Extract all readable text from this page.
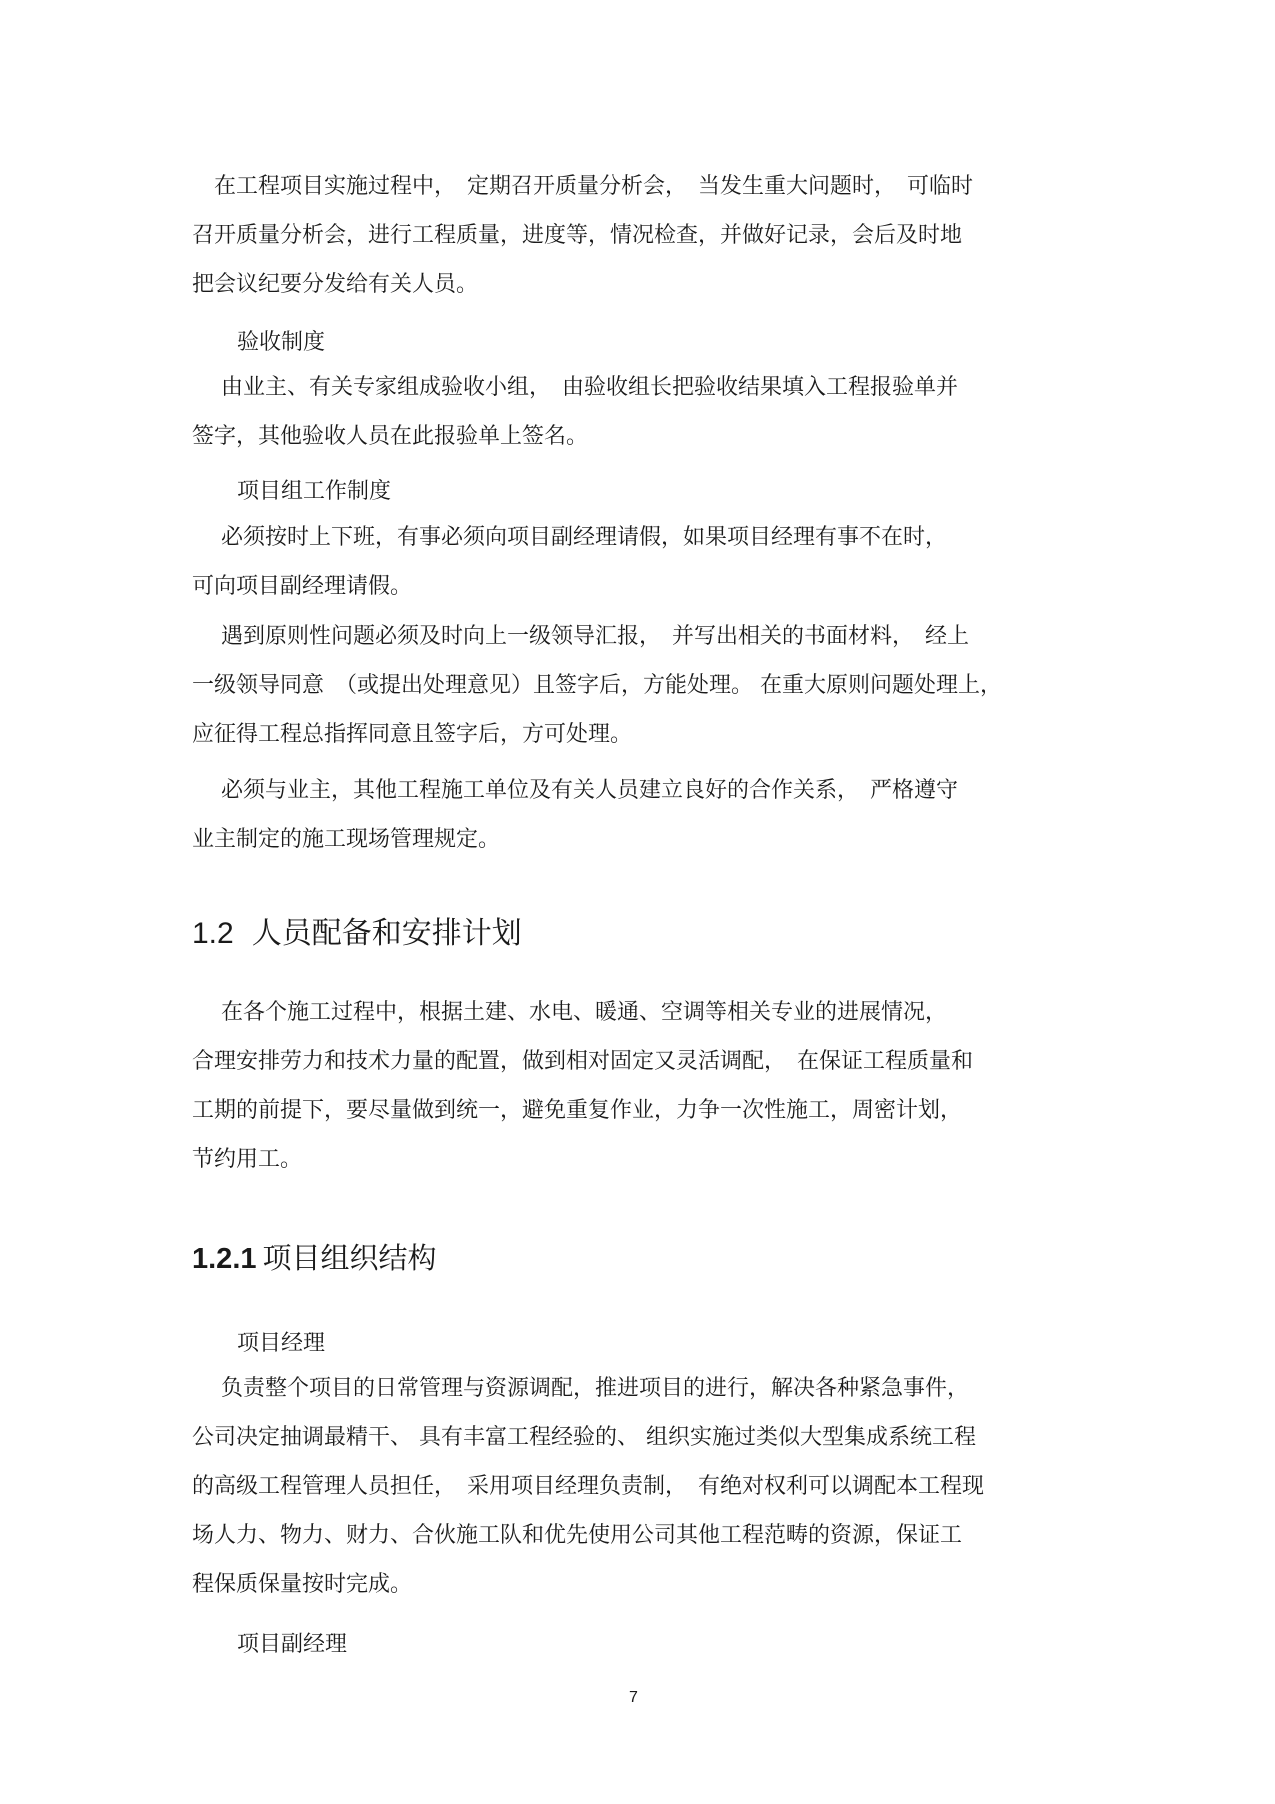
　在工程项目实施过程中，　定期召开质量分析会，　当发生重大问题时，　可临时
召开质量分析会，进行工程质量，进度等，情况检查，并做好记录，会后及时地
把会议纪要分发给有关人员。
验收制度
　 由业主、有关专家组成验收小组，　由验收组长把验收结果填入工程报验单并
签字，其他验收人员在此报验单上签名。
项目组工作制度
　 必须按时上下班，有事必须向项目副经理请假，如果项目经理有事不在时，
可向项目副经理请假。
　 遇到原则性问题必须及时向上一级领导汇报，　并写出相关的书面材料，　经上
一级领导同意　（或提出处理意见）且签字后，方能处理。 在重大原则问题处理上，
应征得工程总指挥同意且签字后，方可处理。
　 必须与业主，其他工程施工单位及有关人员建立良好的合作关系，　严格遵守
业主制定的施工现场管理规定。
1.2 人员配备和安排计划
　 在各个施工过程中，根据土建、水电、暖通、空调等相关专业的进展情况，
合理安排劳力和技术力量的配置，做到相对固定又灵活调配，　在保证工程质量和
工期的前提下，要尽量做到统一，避免重复作业，力争一次性施工，周密计划，
节约用工。
1.2.1 项目组织结构
项目经理
　 负责整个项目的日常管理与资源调配，推进项目的进行，解决各种紧急事件，
公司决定抽调最精干、 具有丰富工程经验的、 组织实施过类似大型集成系统工程
的高级工程管理人员担任，　采用项目经理负责制，　有绝对权利可以调配本工程现
场人力、物力、财力、合伙施工队和优先使用公司其他工程范畴的资源，保证工
程保质保量按时完成。
项目副经理
7
